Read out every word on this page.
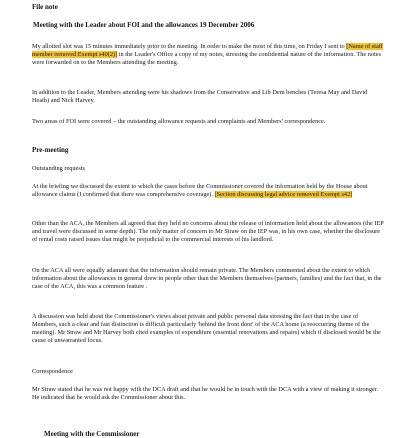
File note
Meeting with the Leader about FOI and the allowances 19 December 2006

My allotted slot was 15 minutes immediately prior to the meeting. In order to make the most of this time, on Friday I sent to [Name of staff member removed Exempt s40(2)] in the Leader's Office a copy of my notes, stressing the confidential nature of the information. The notes were forwarded on to the Members attending the meeting.

In addition to the Leader, Members attending were his shadows from the Conservative and Lib Dem benches (Teresa May and David Heath) and Nick Harvey.

Two areas of FOI were covered – the outstanding allowance requests and complaints and Members' correspondence.

Pre-meeting
Outstanding requests

At the briefing we discussed the extent to which the cases before the Commissioner covered the information held by the House about allowance claims (I confirmed that there was comprehensive coverage). [Section discussing legal advice removed Exempt s42]

Other than the ACA, the Members all agreed that they held no concerns about the release of information held about the allowances (the IEP and travel were discussed in some depth). The only matter of concern to Mr Straw on the IEP was, in his own case, whether the disclosure of rental costs raised issues that might be prejudicial to the commercial interests of his landlord.

On the ACA all were equally adamant that the information should remain private. The Members commented about the extent to which information about the allowances in general drew in people other than the Members themselves (partners, families) and the fact that, in the case of the ACA, this was a common feature .

A discussion was held about the Commissioner's views about private and public personal data stressing the fact that in the case of Members, such a clear and fast distinction is difficult particularly 'behind the front door' of the ACA home (a reoccurring theme of the meeting). Mr Straw and Mr Harvey both cited examples of expenditure (essential renovations and repairs) which if disclosed would be the cause of unwarranted focus.

Correspondence

Mr Straw stated that he was not happy with the DCA draft and that he would be in touch with the DCA with a view of making it stronger. He indicated that he would ask the Commissioner about this.

Meeting with the Commissioner
